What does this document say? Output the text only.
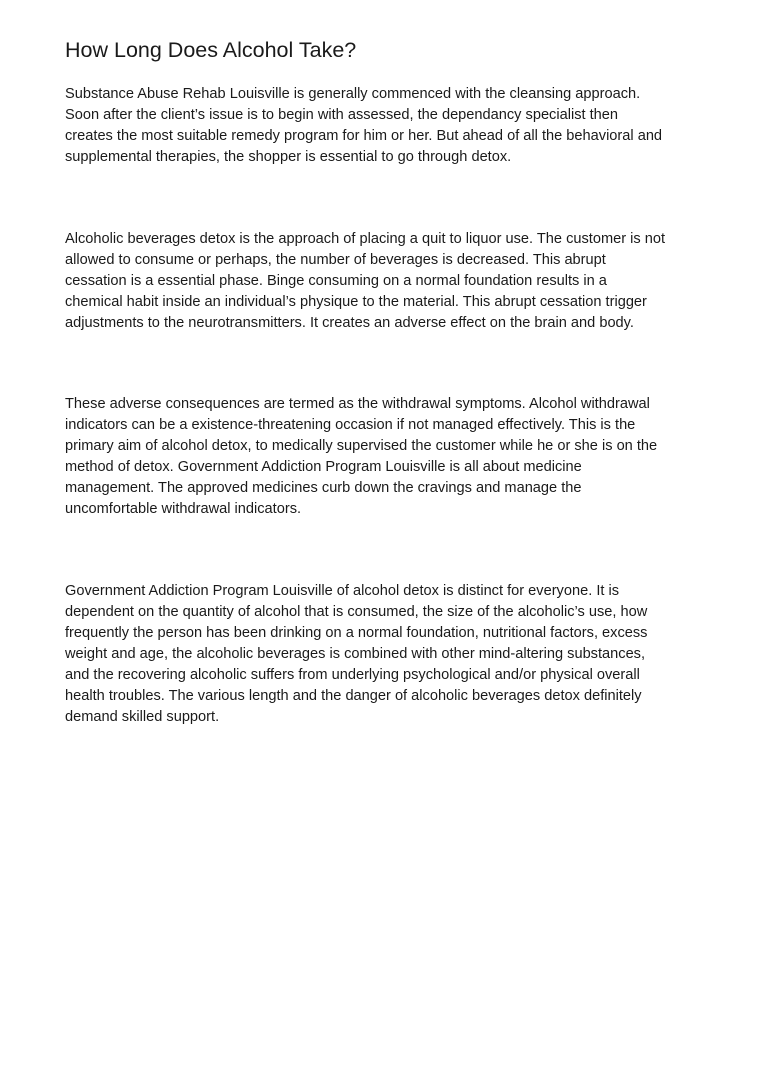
How Long Does Alcohol Take?

Substance Abuse Rehab Louisville is generally commenced with the cleansing approach.
Soon after the client’s issue is to begin with assessed, the dependancy specialist then
creates the most suitable remedy program for him or her. But ahead of all the behavioral and
supplemental therapies, the shopper is essential to go through detox.

Alcoholic beverages detox is the approach of placing a quit to liquor use. The customer is not
allowed to consume or perhaps, the number of beverages is decreased. This abrupt
cessation is a essential phase. Binge consuming on a normal foundation results in a
chemical habit inside an individual’s physique to the material. This abrupt cessation trigger
adjustments to the neurotransmitters. It creates an adverse effect on the brain and body.

These adverse consequences are termed as the withdrawal symptoms. Alcohol withdrawal
indicators can be a existence-threatening occasion if not managed effectively. This is the
primary aim of alcohol detox, to medically supervised the customer while he or she is on the
method of detox. Government Addiction Program Louisville is all about medicine
management. The approved medicines curb down the cravings and manage the
uncomfortable withdrawal indicators.

Government Addiction Program Louisville of alcohol detox is distinct for everyone. It is
dependent on the quantity of alcohol that is consumed, the size of the alcoholic’s use, how
frequently the person has been drinking on a normal foundation, nutritional factors, excess
weight and age, the alcoholic beverages is combined with other mind-altering substances,
and the recovering alcoholic suffers from underlying psychological and/or physical overall
health troubles. The various length and the danger of alcoholic beverages detox definitely
demand skilled support.
